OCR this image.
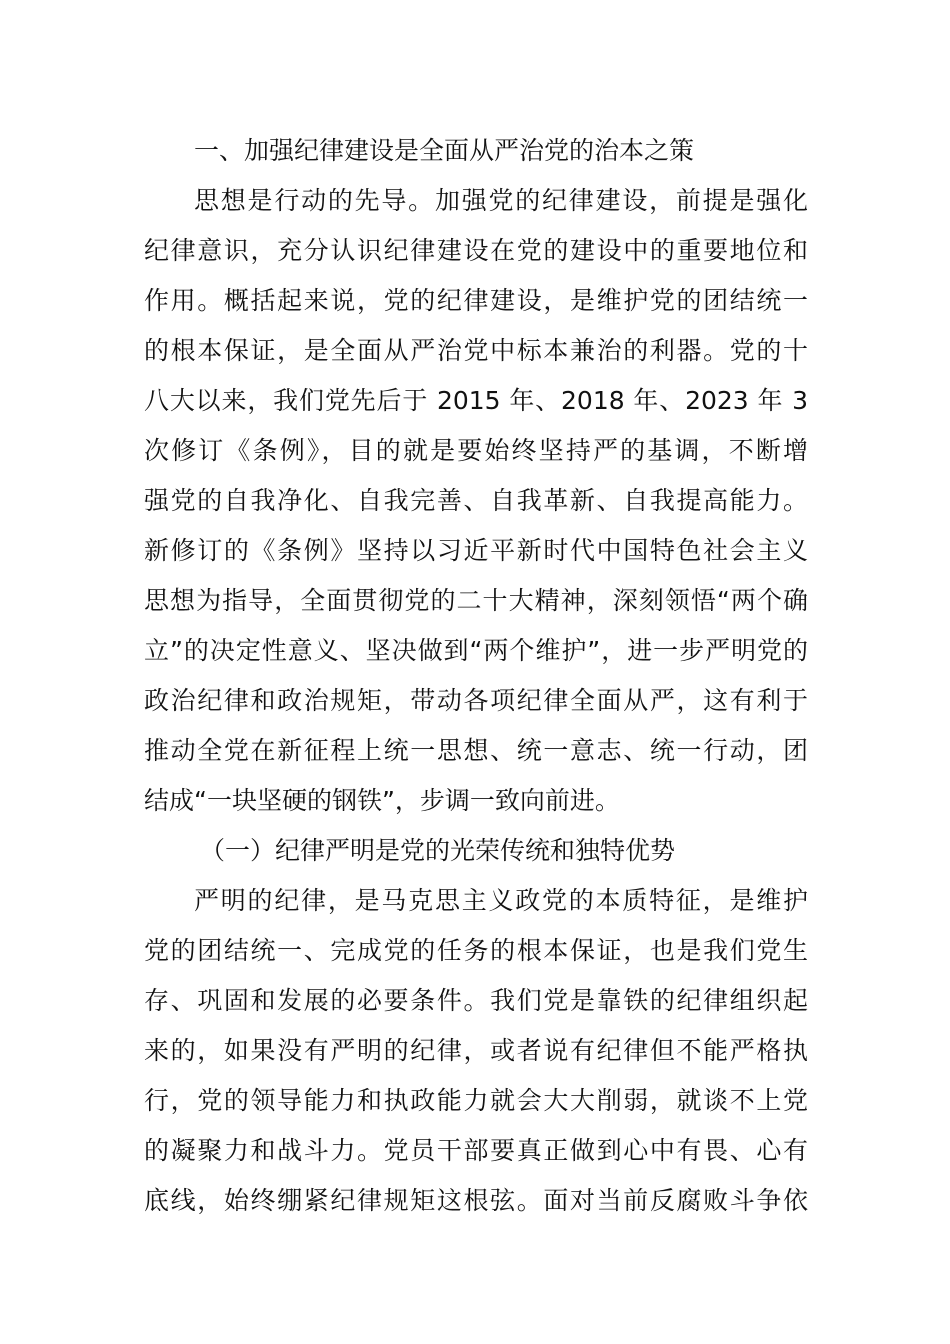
一、加强纪律建设是全面从严治党的治本之策
思想是行动的先导。加强党的纪律建设，前提是强化
纪律意识，充分认识纪律建设在党的建设中的重要地位和
作用。概括起来说，党的纪律建设，是维护党的团结统一
的根本保证，是全面从严治党中标本兼治的利器。党的十
八大以来，我们党先后于 2015 年、2018 年、2023 年 3
次修订《条例》，目的就是要始终坚持严的基调，不断增
强党的自我净化、自我完善、自我革新、自我提高能力。
新修订的《条例》坚持以习近平新时代中国特色社会主义
思想为指导，全面贯彻党的二十大精神，深刻领悟“两个确
立”的决定性意义、坚决做到“两个维护”，进一步严明党的
政治纪律和政治规矩，带动各项纪律全面从严，这有利于
推动全党在新征程上统一思想、统一意志、统一行动，团
结成“一块坚硬的钢铁”，步调一致向前进。
（一）纪律严明是党的光荣传统和独特优势
严明的纪律，是马克思主义政党的本质特征，是维护
党的团结统一、完成党的任务的根本保证，也是我们党生
存、巩固和发展的必要条件。我们党是靠铁的纪律组织起
来的，如果没有严明的纪律，或者说有纪律但不能严格执
行，党的领导能力和执政能力就会大大削弱，就谈不上党
的凝聚力和战斗力。党员干部要真正做到心中有畏、心有
底线，始终绷紧纪律规矩这根弦。面对当前反腐败斗争依
